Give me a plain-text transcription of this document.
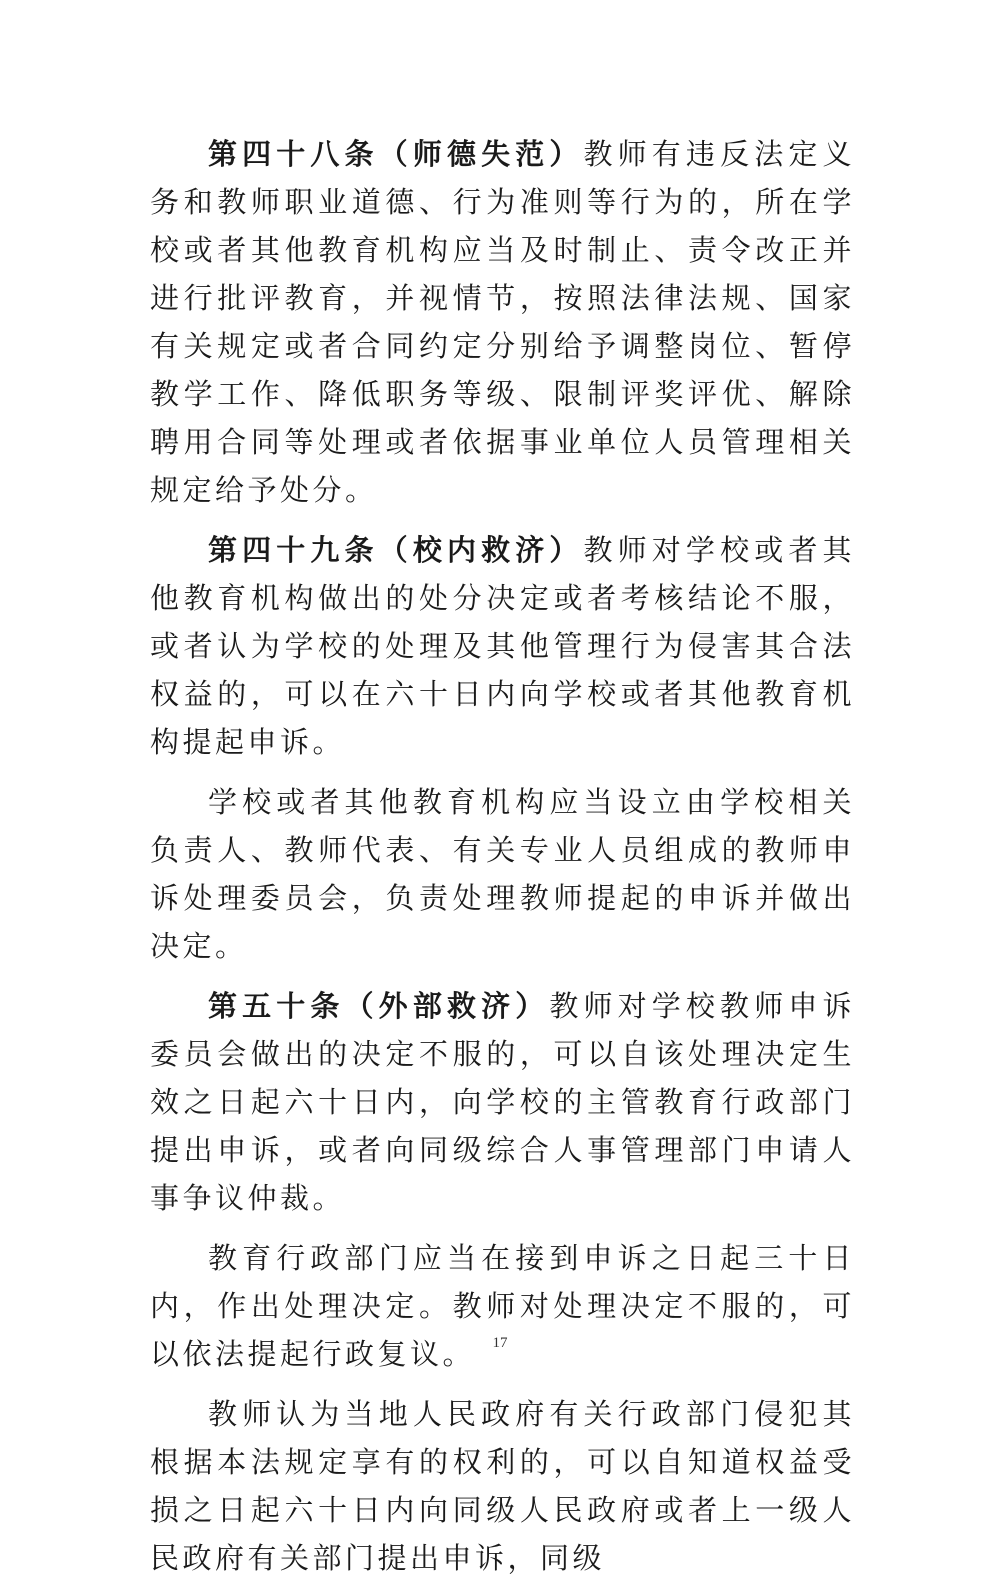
第四十八条（师德失范）教师有违反法定义务和教师职业道德、行为准则等行为的，所在学校或者其他教育机构应当及时制止、责令改正并进行批评教育，并视情节，按照法律法规、国家有关规定或者合同约定分别给予调整岗位、暂停教学工作、降低职务等级、限制评奖评优、解除聘用合同等处理或者依据事业单位人员管理相关规定给予处分。

第四十九条（校内救济）教师对学校或者其他教育机构做出的处分决定或者考核结论不服，或者认为学校的处理及其他管理行为侵害其合法权益的，可以在六十日内向学校或者其他教育机构提起申诉。

学校或者其他教育机构应当设立由学校相关负责人、教师代表、有关专业人员组成的教师申诉处理委员会，负责处理教师提起的申诉并做出决定。

第五十条（外部救济）教师对学校教师申诉委员会做出的决定不服的，可以自该处理决定生效之日起六十日内，向学校的主管教育行政部门提出申诉，或者向同级综合人事管理部门申请人事争议仲裁。

教育行政部门应当在接到申诉之日起三十日内，作出处理决定。教师对处理决定不服的，可以依法提起行政复议。

教师认为当地人民政府有关行政部门侵犯其根据本法规定享有的权利的，可以自知道权益受损之日起六十日内向同级人民政府或者上一级人民政府有关部门提出申诉，同级

17
